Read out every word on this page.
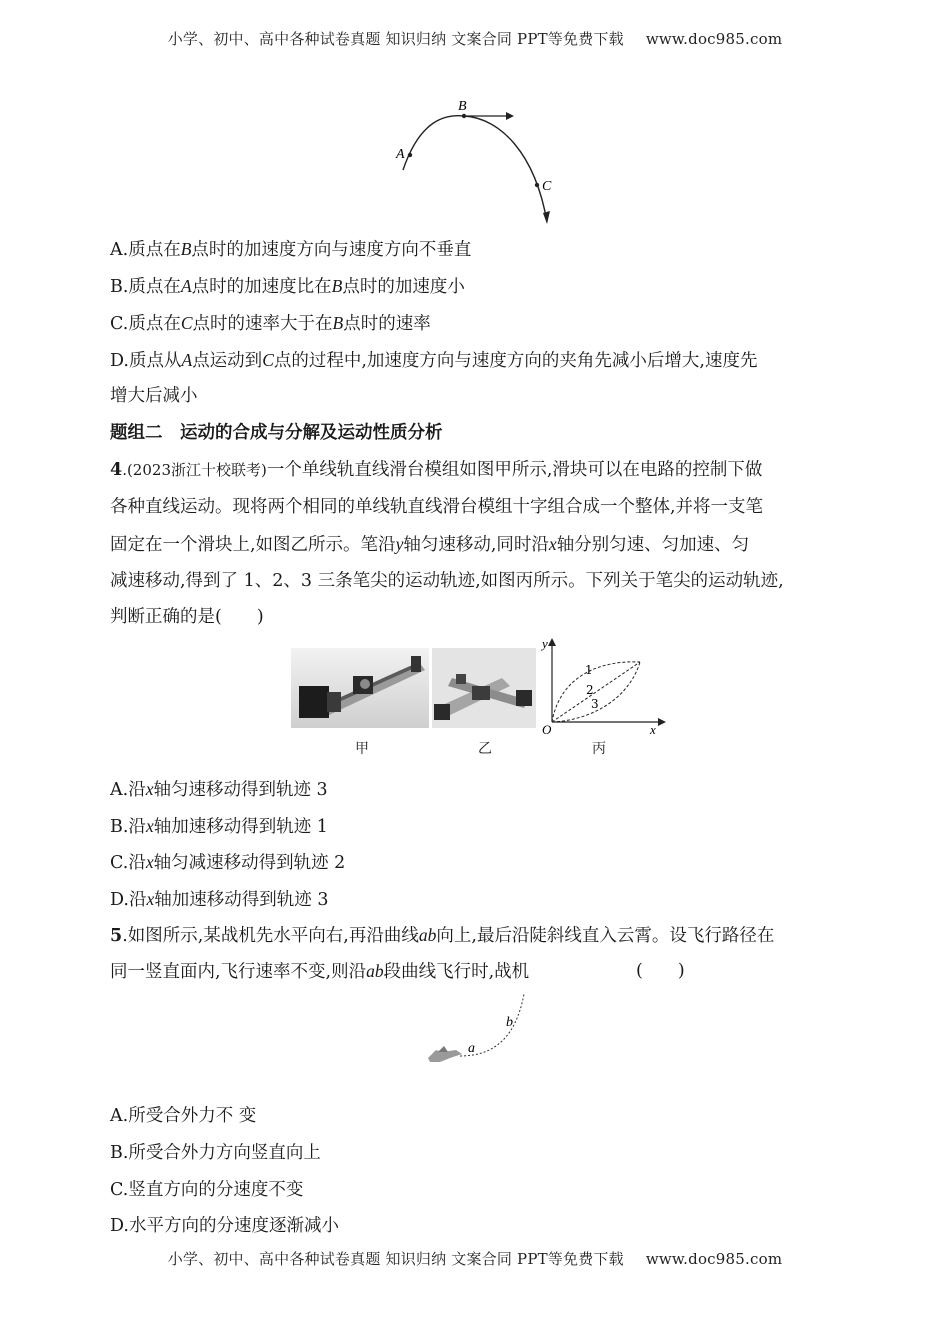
小学、初中、高中各种试卷真题 知识归纳 文案合同 PPT等免费下载 www.doc985.com
A
B
C
A.质点在B点时的加速度方向与速度方向不垂直
B.质点在A点时的加速度比在B点时的加速度小
C.质点在C点时的速率大于在B点时的速率
D.质点从A点运动到C点的过程中,加速度方向与速度方向的夹角先减小后增大,速度先
增大后减小
题组二　运动的合成与分解及运动性质分析
4.(2023浙江十校联考)一个单线轨直线滑台模组如图甲所示,滑块可以在电路的控制下做
各种直线运动。现将两个相同的单线轨直线滑台模组十字组合成一个整体,并将一支笔
固定在一个滑块上,如图乙所示。笔沿y轴匀速移动,同时沿x轴分别匀速、匀加速、匀
减速移动,得到了 1、2、3 三条笔尖的运动轨迹,如图丙所示。下列关于笔尖的运动轨迹,
判断正确的是(　　)
甲	乙
y
x
O
1
2
3
丙
A.沿x轴匀速移动得到轨迹 3
B.沿x轴加速移动得到轨迹 1
C.沿x轴匀减速移动得到轨迹 2
D.沿x轴加速移动得到轨迹 3
5.如图所示,某战机先水平向右,再沿曲线ab向上,最后沿陡斜线直入云霄。设飞行路径在
同一竖直面内,飞行速率不变,则沿ab段曲线飞行时,战机	(　　)
a
b
A.所受合外力不 变
B.所受合外力方向竖直向上
C.竖直方向的分速度不变
D.水平方向的分速度逐渐减小
小学、初中、高中各种试卷真题 知识归纳 文案合同 PPT等免费下载 www.doc985.com
